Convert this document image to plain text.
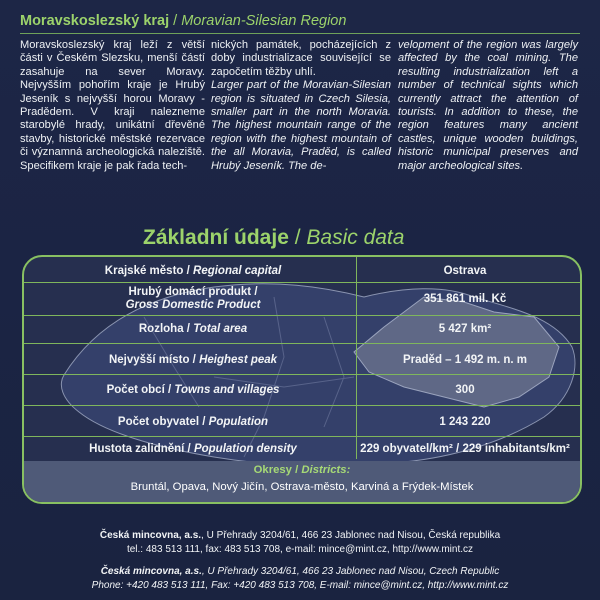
Moravskoslezský kraj / Moravian-Silesian Region

Moravskoslezský kraj leží z větší části v Českém Slezsku, menší částí zasahuje na sever Moravy. Nejvyšším pohořím kraje je Hrubý Jeseník s nejvyšší horou Moravy - Pradědem. V kraji nalezneme starobylé hrady, unikátní dřevěné stavby, historické městské rezervace či významná archeologická naleziště. Specifikem kraje je pak řada tech-

nických památek, pocházejících z doby industrializace související se započetím těžby uhlí.

Larger part of the Moravian-Silesian region is situated in Czech Silesia, smaller part in the north Moravia. The highest mountain range of the region with the highest mountain of the all Moravia, Praděd, is called Hrubý Jeseník. The de-

velopment of the region was largely affected by the coal mining. The resulting industrialization left a number of technical sights which currently attract the attention of tourists. In addition to these, the region features many ancient castles, unique wooden buildings, historic municipal preserves and major archeological sites.

Základní údaje / Basic data
Krajské město / Regional capital	Ostrava
Hrubý domácí produkt /
Gross Domestic Product	351 861 mil. Kč
Rozloha / Total area	5 427 km²
Nejvyšší místo / Heighest peak	Praděd – 1 492 m. n. m
Počet obcí / Towns and villages	300
Počet obyvatel / Population	1 243 220
Hustota zalidnění / Population density	229 obyvatel/km² / 229 inhabitants/km²
Okresy / Districts:
Bruntál, Opava, Nový Jičín, Ostrava-město, Karviná a Frýdek-Místek
Česká mincovna, a.s., U Přehrady 3204/61, 466 23 Jablonec nad Nisou, Česká republika
tel.: 483 513 111, fax: 483 513 708, e-mail: mince@mint.cz, http://www.mint.cz
Česká mincovna, a.s., U Přehrady 3204/61, 466 23 Jablonec nad Nisou, Czech Republic
Phone: +420 483 513 111, Fax: +420 483 513 708, E-mail: mince@mint.cz, http://www.mint.cz
